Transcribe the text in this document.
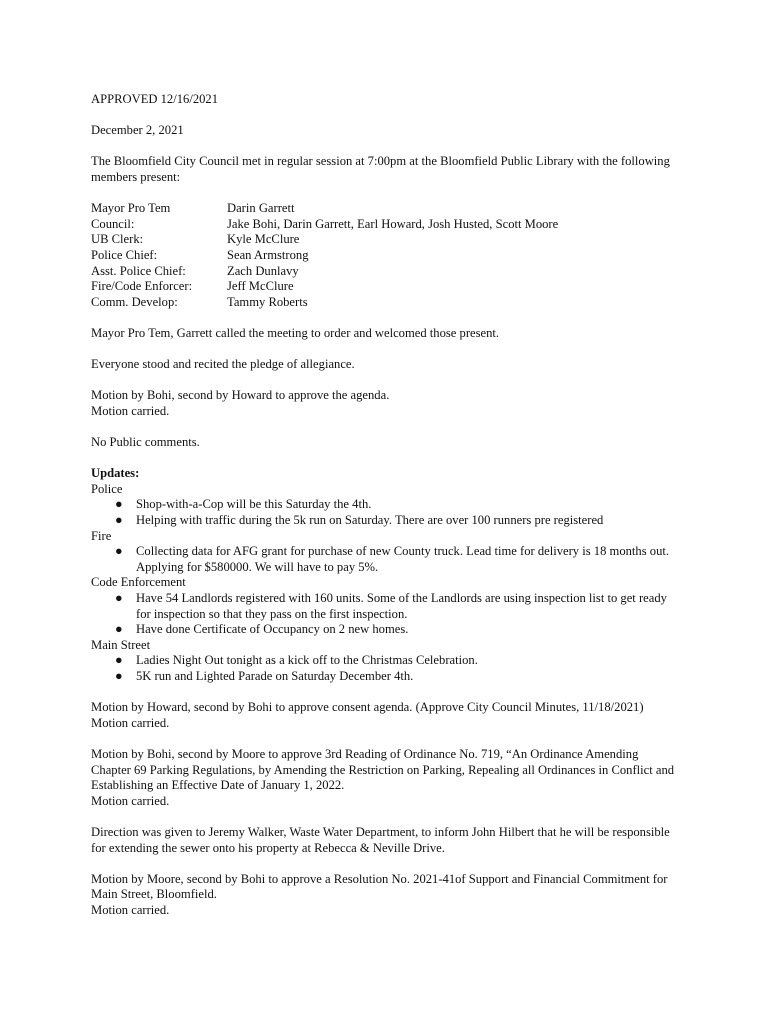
APPROVED 12/16/2021

December 2, 2021

The Bloomfield City Council met in regular session at 7:00pm at the Bloomfield Public Library with the following members present:

Mayor Pro Tem	Darin Garrett
Council:	Jake Bohi, Darin Garrett, Earl Howard, Josh Husted, Scott Moore
UB Clerk:	Kyle McClure
Police Chief:	Sean Armstrong
Asst. Police Chief:	Zach Dunlavy
Fire/Code Enforcer:	Jeff McClure
Comm. Develop:	Tammy Roberts

Mayor Pro Tem, Garrett called the meeting to order and welcomed those present.

Everyone stood and recited the pledge of allegiance.

Motion by Bohi, second by Howard to approve the agenda.
Motion carried.

No Public comments.

Updates:
Police
● Shop-with-a-Cop will be this Saturday the 4th.
● Helping with traffic during the 5k run on Saturday. There are over 100 runners pre registered
Fire
● Collecting data for AFG grant for purchase of new County truck. Lead time for delivery is 18 months out. Applying for $580000. We will have to pay 5%.
Code Enforcement
● Have 54 Landlords registered with 160 units. Some of the Landlords are using inspection list to get ready for inspection so that they pass on the first inspection.
● Have done Certificate of Occupancy on 2 new homes.
Main Street
● Ladies Night Out tonight as a kick off to the Christmas Celebration.
● 5K run and Lighted Parade on Saturday December 4th.

Motion by Howard, second by Bohi to approve consent agenda. (Approve City Council Minutes, 11/18/2021)
Motion carried.

Motion by Bohi, second by Moore to approve 3rd Reading of Ordinance No. 719, “An Ordinance Amending Chapter 69 Parking Regulations, by Amending the Restriction on Parking, Repealing all Ordinances in Conflict and Establishing an Effective Date of January 1, 2022.
Motion carried.

Direction was given to Jeremy Walker, Waste Water Department, to inform John Hilbert that he will be responsible for extending the sewer onto his property at Rebecca & Neville Drive.

Motion by Moore, second by Bohi to approve a Resolution No. 2021-41of Support and Financial Commitment for Main Street, Bloomfield.
Motion carried.
